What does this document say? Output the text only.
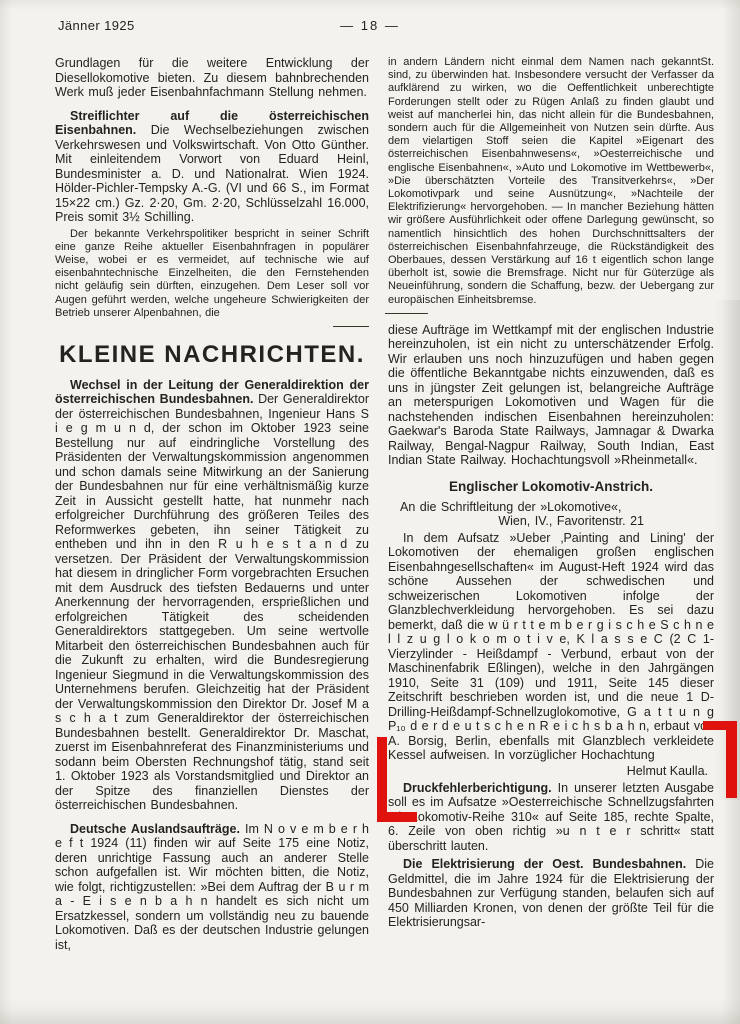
Jänner 1925	— 18 —

Grundlagen für die weitere Entwicklung der Diesellokomotive bieten. Zu diesem bahnbrechenden Werk muß jeder Eisenbahnfachmann Stellung nehmen.

Streiflichter auf die österreichischen Eisenbahnen. Die Wechselbeziehungen zwischen Verkehrswesen und Volkswirtschaft. Von Otto Günther. Mit einleitendem Vorwort von Eduard Heinl, Bundesminister a. D. und Nationalrat. Wien 1924. Hölder-Pichler-Tempsky A.-G. (VI und 66 S., im Format 15×22 cm.) Gz. 2·20, Gm. 2·20, Schlüsselzahl 16.000, Preis somit 3½ Schilling.

Der bekannte Verkehrspolitiker bespricht in seiner Schrift eine ganze Reihe aktueller Eisenbahnfragen in populärer Weise, wobei er es vermeidet, auf technische wie auf eisenbahntechnische Einzelheiten, die den Fernstehenden nicht geläufig sein dürften, einzugehen. Dem Leser soll vor Augen geführt werden, welche ungeheure Schwierigkeiten der Betrieb unserer Alpenbahnen, die

KLEINE NACHRICHTEN.

Wechsel in der Leitung der Generaldirektion der österreichischen Bundesbahnen. Der Generaldirektor der österreichischen Bundesbahnen, Ingenieur Hans S i e g m u n d, der schon im Oktober 1923 seine Bestellung nur auf eindringliche Vorstellung des Präsidenten der Verwaltungskommission angenommen und schon damals seine Mitwirkung an der Sanierung der Bundesbahnen nur für eine verhältnismäßig kurze Zeit in Aussicht gestellt hatte, hat nunmehr nach erfolgreicher Durchführung des größeren Teiles des Reformwerkes gebeten, ihn seiner Tätigkeit zu entheben und ihn in den R u h e s t a n d zu versetzen. Der Präsident der Verwaltungskommission hat diesem in dringlicher Form vorgebrachten Ersuchen mit dem Ausdruck des tiefsten Bedauerns und unter Anerkennung der hervorragenden, ersprießlichen und erfolgreichen Tätigkeit des scheidenden Generaldirektors stattgegeben. Um seine wertvolle Mitarbeit den österreichischen Bundesbahnen auch für die Zukunft zu erhalten, wird die Bundesregierung Ingenieur Siegmund in die Verwaltungskommission des Unternehmens berufen. Gleichzeitig hat der Präsident der Verwaltungskommission den Direktor Dr. Josef M a s c h a t zum Generaldirektor der österreichischen Bundesbahnen bestellt. Generaldirektor Dr. Maschat, zuerst im Eisenbahnreferat des Finanzministeriums und sodann beim Obersten Rechnungshof tätig, stand seit 1. Oktober 1923 als Vorstandsmitglied und Direktor an der Spitze des finanziellen Dienstes der österreichischen Bundesbahnen.

Deutsche Auslandsaufträge. Im N o v e m b e r h e f t 1924 (11) finden wir auf Seite 175 eine Notiz, deren unrichtige Fassung auch an anderer Stelle schon aufgefallen ist. Wir möchten bitten, die Notiz, wie folgt, richtigzustellen: »Bei dem Auftrag der B u r m a - E i s e n b a h n handelt es sich nicht um Ersatzkessel, sondern um vollständig neu zu bauende Lokomotiven. Daß es der deutschen Industrie gelungen ist,

St.
in andern Ländern nicht einmal dem Namen nach gekannt sind, zu überwinden hat. Insbesondere versucht der Verfasser da aufklärend zu wirken, wo die Oeffentlichkeit unberechtigte Forderungen stellt oder zu Rügen Anlaß zu finden glaubt und weist auf mancherlei hin, das nicht allein für die Bundesbahnen, sondern auch für die Allgemeinheit von Nutzen sein dürfte. Aus dem vielartigen Stoff seien die Kapitel »Eigenart des österreichischen Eisenbahnwesens«, »Oesterreichische und englische Eisenbahnen«, »Auto und Lokomotive im Wettbewerb«, »Die überschätzten Vorteile des Transitverkehrs«, »Der Lokomotivpark und seine Ausnützung«, »Nachteile der Elektrifizierung« hervorgehoben. — In mancher Beziehung hätten wir größere Ausführlichkeit oder offene Darlegung gewünscht, so namentlich hinsichtlich des hohen Durchschnittsalters der österreichischen Eisenbahnfahrzeuge, die Rückständigkeit des Oberbaues, dessen Verstärkung auf 16 t eigentlich schon lange überholt ist, sowie die Bremsfrage. Nicht nur für Güterzüge als Neueinführung, sondern die Schaffung, bezw. der Uebergang zur europäischen Einheitsbremse.

diese Aufträge im Wettkampf mit der englischen Industrie hereinzuholen, ist ein nicht zu unterschätzender Erfolg. Wir erlauben uns noch hinzuzufügen und haben gegen die öffentliche Bekanntgabe nichts einzuwenden, daß es uns in jüngster Zeit gelungen ist, belangreiche Aufträge an meterspurigen Lokomotiven und Wagen für die nachstehenden indischen Eisenbahnen hereinzuholen: Gaekwar's Baroda State Railways, Jamnagar & Dwarka Railway, Bengal-Nagpur Railway, South Indian, East Indian State Railway. Hochachtungsvoll »Rheinmetall«.

Englischer Lokomotiv-Anstrich.

An die Schriftleitung der »Lokomotive«,

Wien, IV., Favoritenstr. 21

In dem Aufsatz »Ueber ‚Painting and Lining' der Lokomotiven der ehemaligen großen englischen Eisenbahngesellschaften« im August-Heft 1924 wird das schöne Aussehen der schwedischen und schweizerischen Lokomotiven infolge der Glanzblechverkleidung hervorgehoben. Es sei dazu bemerkt, daß die w ü r t t e m b e r g i s c h e S c h n e l l z u g l o k o m o t i v e, K l a s s e C (2 C 1-Vierzylinder - Heißdampf - Verbund, erbaut von der Maschinenfabrik Eßlingen), welche in den Jahrgängen 1910, Seite 31 (109) und 1911, Seite 145 dieser Zeitschrift beschrieben worden ist, und die neue 1 D-Drilling-Heißdampf-Schnellzuglokomotive, G a t t u n g P₁₀ d e r d e u t s c h e n R e i c h s b a h n, erbaut von A. Borsig, Berlin, ebenfalls mit Glanzblech verkleidete Kessel aufweisen. In vorzüglicher Hochachtung

Helmut Kaulla.

Druckfehlerberichtigung. In unserer letzten Ausgabe soll es im Aufsatze »Oesterreichische Schnellzugsfahrten mit Lokomotiv-Reihe 310« auf Seite 185, rechte Spalte, 6. Zeile von oben richtig »u n t e r schritt« statt überschritt lauten.

Die Elektrisierung der Oest. Bundesbahnen. Die Geldmittel, die im Jahre 1924 für die Elektrisierung der Bundesbahnen zur Verfügung standen, belaufen sich auf 450 Milliarden Kronen, von denen der größte Teil für die Elektrisierungsar-
